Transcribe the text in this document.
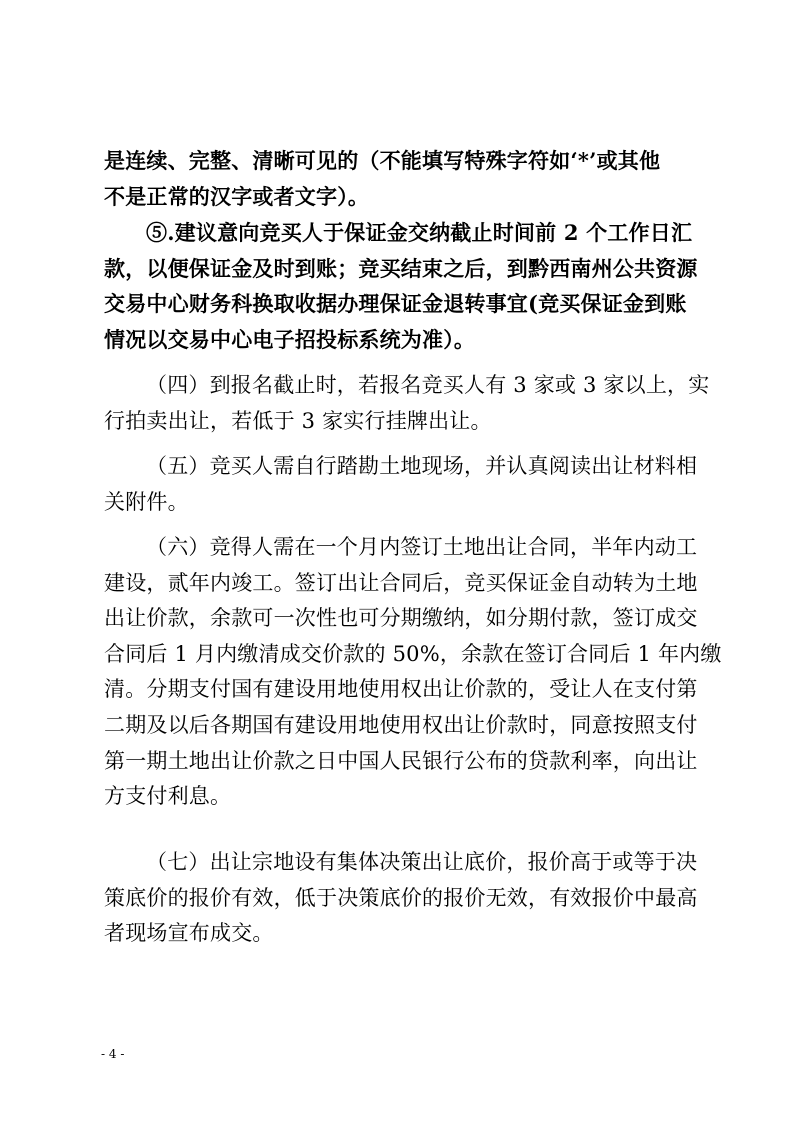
是连续、完整、清晰可见的（不能填写特殊字符如‘*’或其他
不是正常的汉字或者文字）。

⑤.建议意向竞买人于保证金交纳截止时间前 2 个工作日汇
款，以便保证金及时到账；竞买结束之后，到黔西南州公共资源
交易中心财务科换取收据办理保证金退转事宜(竞买保证金到账
情况以交易中心电子招投标系统为准）。

（四）到报名截止时，若报名竞买人有 3 家或 3 家以上，实
行拍卖出让，若低于 3 家实行挂牌出让。

（五）竞买人需自行踏勘土地现场，并认真阅读出让材料相
关附件。

（六）竞得人需在一个月内签订土地出让合同，半年内动工
建设，贰年内竣工。签订出让合同后，竞买保证金自动转为土地
出让价款，余款可一次性也可分期缴纳，如分期付款，签订成交
合同后 1 月内缴清成交价款的 50%，余款在签订合同后 1 年内缴
清。分期支付国有建设用地使用权出让价款的，受让人在支付第
二期及以后各期国有建设用地使用权出让价款时，同意按照支付
第一期土地出让价款之日中国人民银行公布的贷款利率，向出让
方支付利息。

（七）出让宗地设有集体决策出让底价，报价高于或等于决
策底价的报价有效，低于决策底价的报价无效，有效报价中最高
者现场宣布成交。

- 4 -
